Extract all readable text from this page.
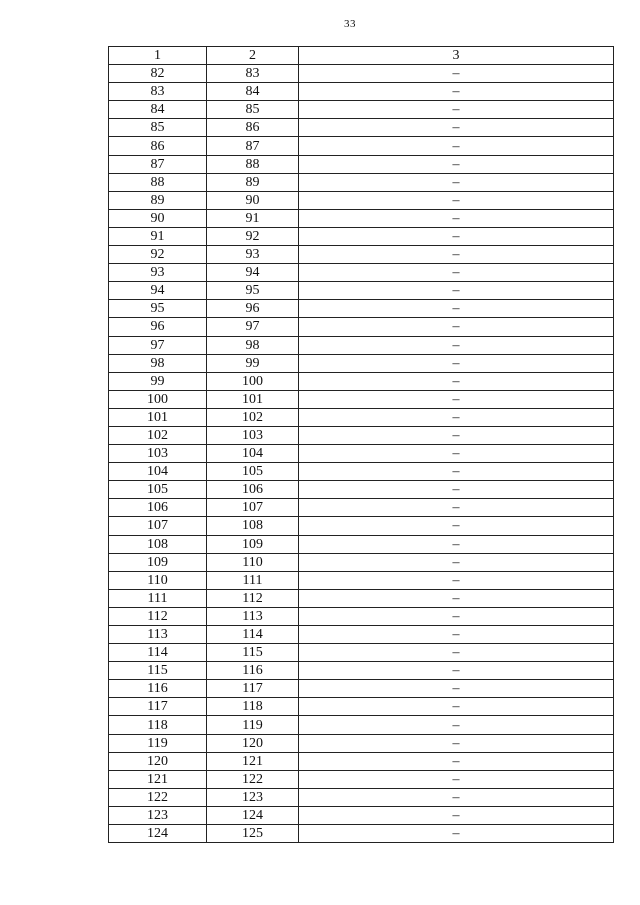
33
1	2	3
82	83	–
83	84	–
84	85	–
85	86	–
86	87	–
87	88	–
88	89	–
89	90	–
90	91	–
91	92	–
92	93	–
93	94	–
94	95	–
95	96	–
96	97	–
97	98	–
98	99	–
99	100	–
100	101	–
101	102	–
102	103	–
103	104	–
104	105	–
105	106	–
106	107	–
107	108	–
108	109	–
109	110	–
110	111	–
111	112	–
112	113	–
113	114	–
114	115	–
115	116	–
116	117	–
117	118	–
118	119	–
119	120	–
120	121	–
121	122	–
122	123	–
123	124	–
124	125	–
